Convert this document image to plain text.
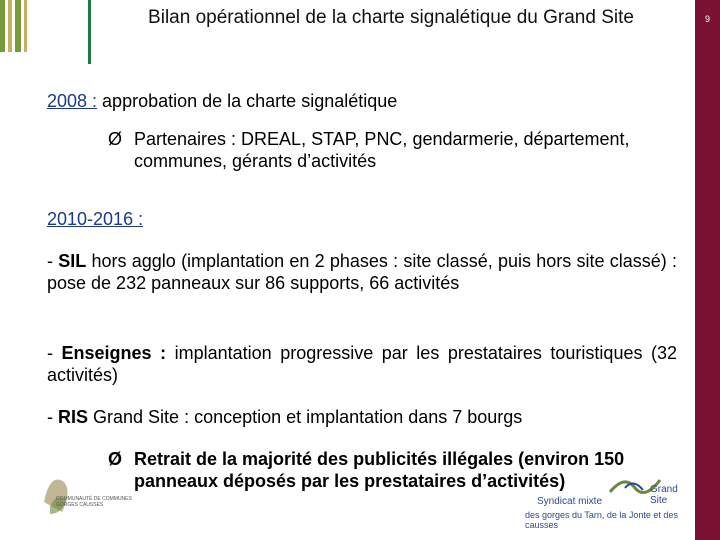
9
Bilan opérationnel de la charte signalétique du Grand Site
2008 : approbation de la charte signalétique
Ø Partenaires : DREAL, STAP, PNC, gendarmerie, département, communes, gérants d’activités
2010-2016 :
- SIL hors agglo (implantation en 2 phases : site classé, puis hors site classé) : pose de 232 panneaux sur 86 supports, 66 activités
- Enseignes : implantation progressive par les prestataires touristiques (32 activités)
- RIS Grand Site : conception et implantation dans 7 bourgs
Ø Retrait de la majorité des publicités illégales (environ 150 panneaux déposés par les prestataires d’activités)
COMMUNAUTÉ DE COMMUNES
GORGES CAUSSES	Syndicat mixte
Grand Site
des gorges du Tarn, de la Jonte et des causses
